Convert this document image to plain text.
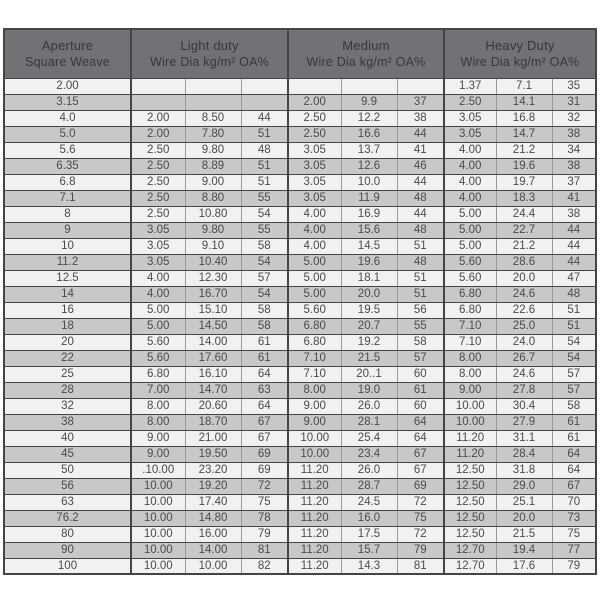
Aperture
Square Weave

Light duty
Wire Dia kg/m² OA%

Medium
Wire Dia kg/m² OA%

Heavy Duty
Wire Dia kg/m² OA%

2.00							1.37	7.1	35
3.15				2.00	9.9	37	2.50	14.1	31
4.0	2.00	8.50	44	2.50	12.2	38	3.05	16.8	32
5.0	2.00	7.80	51	2.50	16.6	44	3.05	14.7	38
5.6	2.50	9.80	48	3.05	13.7	41	4.00	21.2	34
6.35	2.50	8.89	51	3.05	12.6	46	4.00	19.6	38
6.8	2.50	9.00	51	3.05	10.0	44	4.00	19.7	37
7.1	2.50	8.80	55	3.05	11.9	48	4.00	18.3	41
8	2.50	10.80	54	4.00	16.9	44	5.00	24.4	38
9	3.05	9.80	55	4.00	15.6	48	5.00	22.7	44
10	3.05	9.10	58	4.00	14.5	51	5.00	21.2	44
11.2	3.05	10.40	54	5.00	19.6	48	5.60	28.6	44
12.5	4.00	12.30	57	5.00	18.1	51	5.60	20.0	47
14	4.00	16.70	54	5.00	20.0	51	6.80	24.6	48
16	5.00	15.10	58	5.60	19.5	56	6.80	22.6	51
18	5.00	14.50	58	6.80	20.7	55	7.10	25.0	51
20	5.60	14.00	61	6.80	19.2	58	7.10	24.0	54
22	5.60	17.60	61	7.10	21.5	57	8.00	26.7	54
25	6.80	16.10	64	7.10	20..1	60	8.00	24.6	57
28	7.00	14.70	63	8.00	19.0	61	9.00	27.8	57
32	8.00	20.60	64	9.00	26.0	60	10.00	30.4	58
38	8.00	18.70	67	9.00	28.1	64	10.00	27.9	61
40	9.00	21.00	67	10.00	25.4	64	11.20	31.1	61
45	9.00	19.50	69	10.00	23.4	67	11.20	28.4	64
50	.10.00	23.20	69	11.20	26.0	67	12.50	31.8	64
56	10.00	19.20	72	11.20	28.7	69	12.50	29.0	67
63	10.00	17.40	75	11.20	24.5	72	12.50	25.1	70
76.2	10.00	14.80	78	11.20	16.0	75	12.50	20.0	73
80	10.00	16.00	79	11.20	17.5	72	12.50	21.5	75
90	10.00	14.00	81	11.20	15.7	79	12.70	19.4	77
100	10.00	10.00	82	11.20	14.3	81	12.70	17.6	79
